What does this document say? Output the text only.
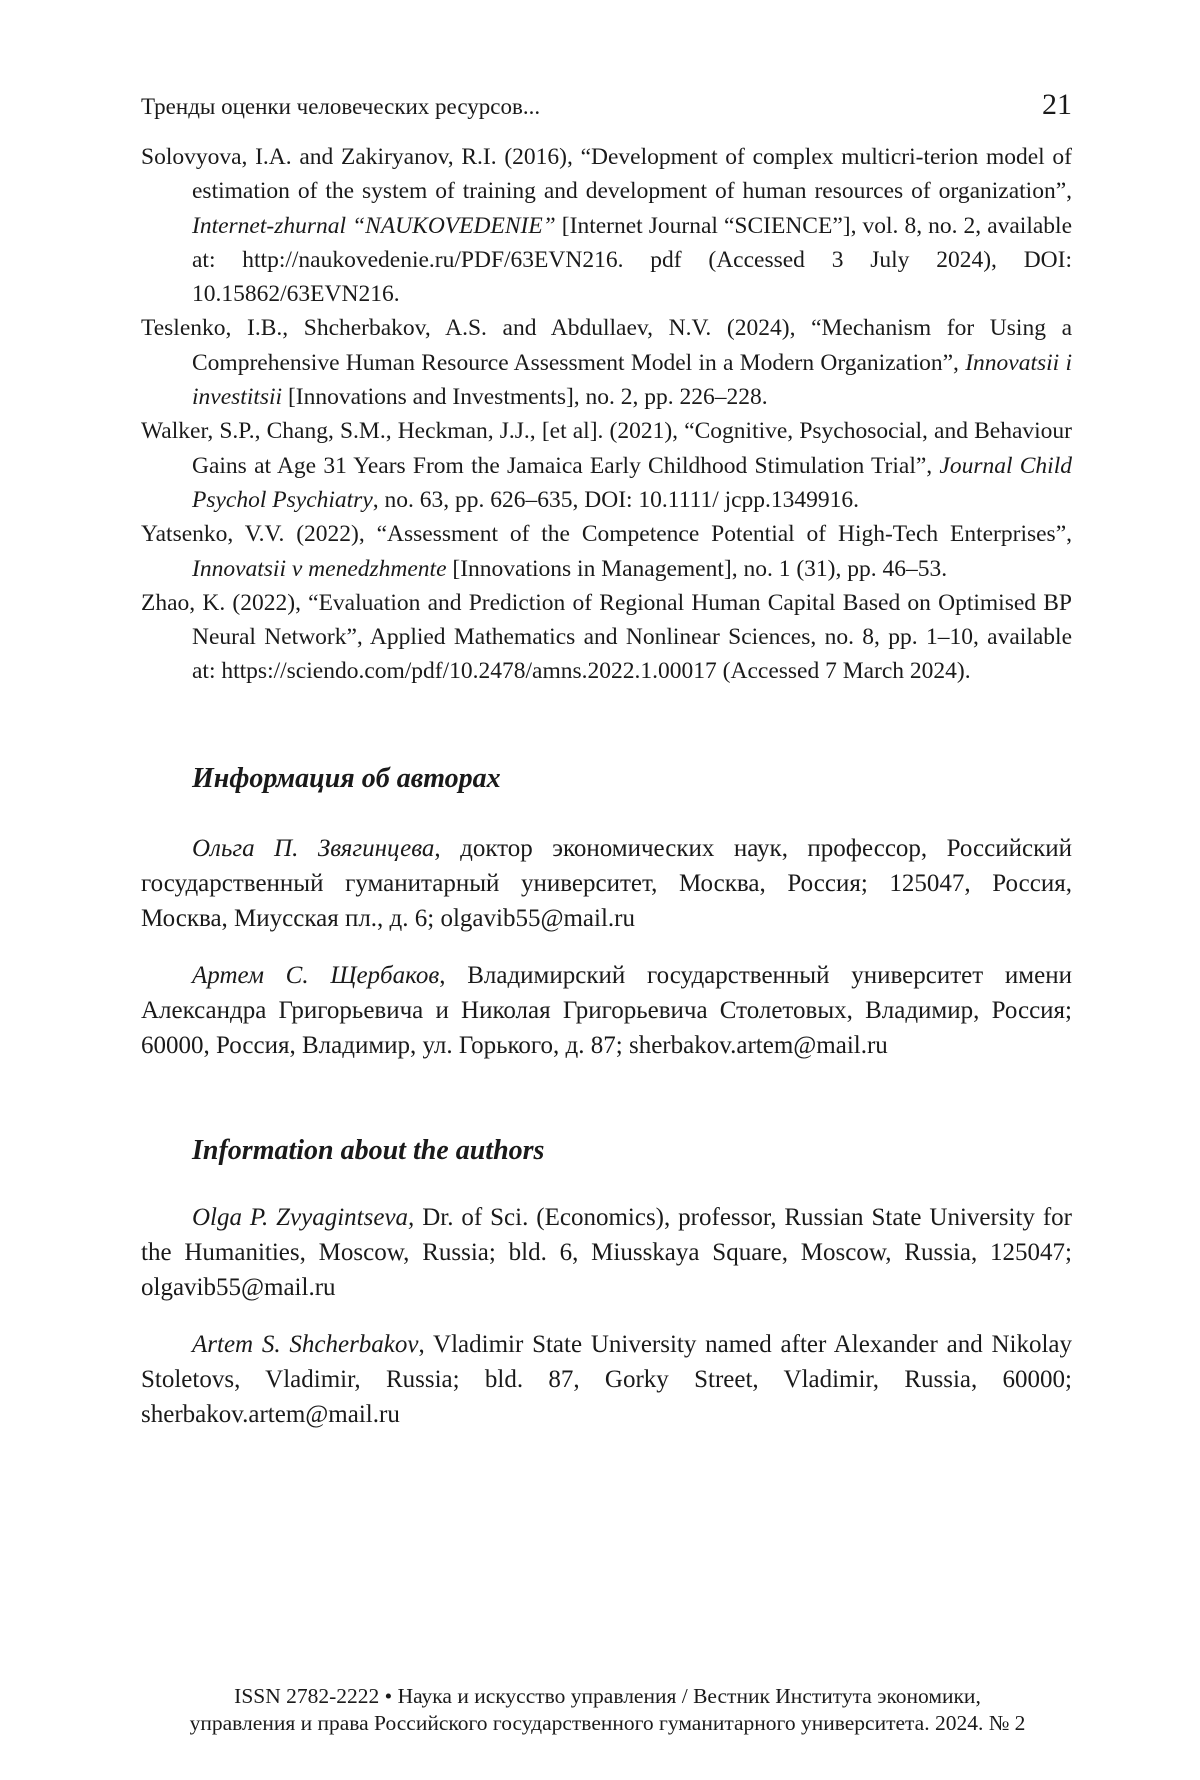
Тренды оценки человеческих ресурсов...	21

Solovyova, I.A. and Zakiryanov, R.I. (2016), “Development of complex multicri-terion model of estimation of the system of training and development of human resources of organization”, Internet-zhurnal “NAUKOVEDENIE” [Internet Journal “SCIENCE”], vol. 8, no. 2, available at: http://naukovedenie.ru/PDF/63EVN216. pdf (Accessed 3 July 2024), DOI: 10.15862/63EVN216.

Teslenko, I.B., Shcherbakov, A.S. and Abdullaev, N.V. (2024), “Mechanism for Using a Comprehensive Human Resource Assessment Model in a Modern Organization”, Innovatsii i investitsii [Innovations and Investments], no. 2, pp. 226–228.

Walker, S.P., Chang, S.M., Heckman, J.J., [et al]. (2021), “Cognitive, Psychosocial, and Behaviour Gains at Age 31 Years From the Jamaica Early Childhood Stimulation Trial”, Journal Child Psychol Psychiatry, no. 63, pp. 626–635, DOI: 10.1111/ jcpp.1349916.

Yatsenko, V.V. (2022), “Assessment of the Competence Potential of High-Tech Enterprises”, Innovatsii v menedzhmente [Innovations in Management], no. 1 (31), pp. 46–53.

Zhao, K. (2022), “Evaluation and Prediction of Regional Human Capital Based on Optimised BP Neural Network”, Applied Mathematics and Nonlinear Sciences, no. 8, pp. 1–10, available at: https://sciendo.com/pdf/10.2478/amns.2022.1.00017 (Accessed 7 March 2024).

Информация об авторах

Ольга П. Звягинцева, доктор экономических наук, профессор, Российский государственный гуманитарный университет, Москва, Россия; 125047, Россия, Москва, Миусская пл., д. 6; olgavib55@mail.ru

Артем С. Щербаков, Владимирский государственный университет имени Александра Григорьевича и Николая Григорьевича Столетовых, Владимир, Россия; 60000, Россия, Владимир, ул. Горького, д. 87; sherbakov.artem@mail.ru

Information about the authors

Olga P. Zvyagintseva, Dr. of Sci. (Economics), professor, Russian State University for the Humanities, Moscow, Russia; bld. 6, Miusskaya Square, Moscow, Russia, 125047; olgavib55@mail.ru

Artem S. Shcherbakov, Vladimir State University named after Alexander and Nikolay Stoletovs, Vladimir, Russia; bld. 87, Gorky Street, Vladimir, Russia, 60000; sherbakov.artem@mail.ru

ISSN 2782-2222 • Наука и искусство управления / Вестник Института экономики,
управления и права Российского государственного гуманитарного университета. 2024. № 2
